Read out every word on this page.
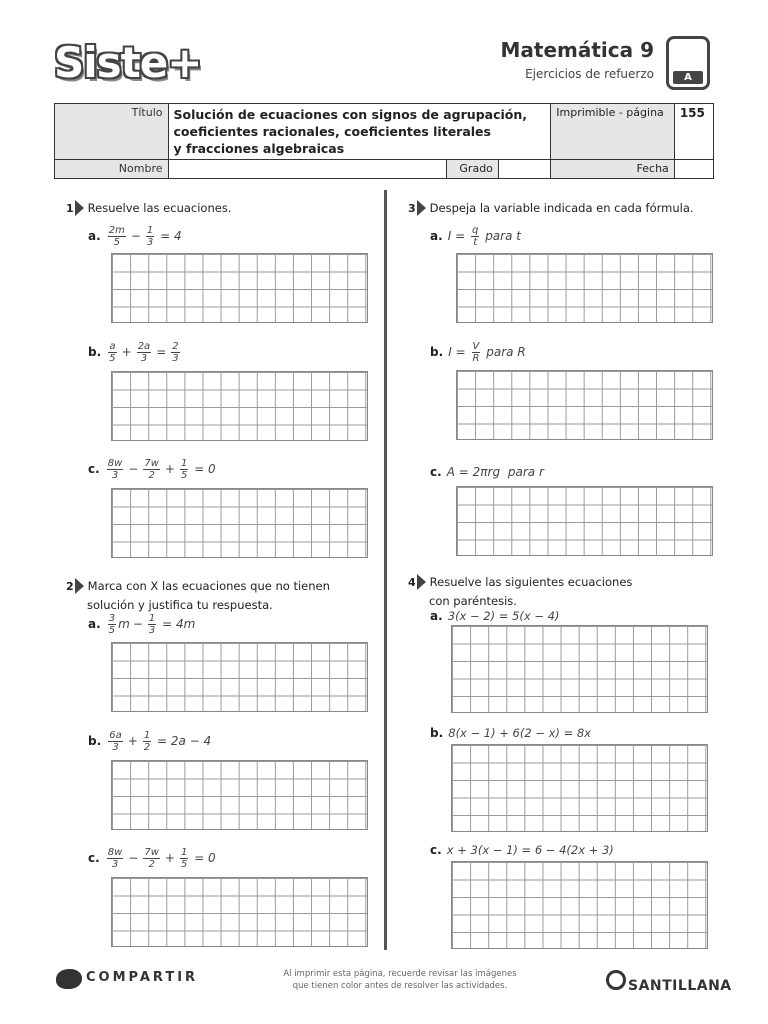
Siste+	Matemática 9
Ejercicios de refuerzo	A
Título	Solución de ecuaciones con signos de agrupación,
coeficientes racionales, coeficientes literales
y fracciones algebraicas			Imprimible - página	155
Nombre		Grado		Fecha	
1 Resuelve las ecuaciones.
a. $\frac{2m}{5} - \frac{1}{3} = 4$
b. $\frac{a}{5} + \frac{2a}{3} = \frac{2}{3}$
c. $\frac{8w}{3} - \frac{7w}{2} + \frac{1}{5} = 0$
2 Marca con X las ecuaciones que no tienen
solución y justifica tu respuesta.
a. $\frac{3}{5}$ $m - \frac{1}{3} = 4m$
b. $\frac{6a}{3} + \frac{1}{2} = 2a - 4$
c. $\frac{8w}{3} - \frac{7w}{2} + \frac{1}{5} = 0$
3 Despeja la variable indicada en cada fórmula.
a. $I = \frac{q}{t}$ para t
b. $I = \frac{V}{R}$ para R
c. A = 2πrg para r
4 Resuelve las siguientes ecuaciones
con paréntesis.
a. 3(x − 2) = 5(x − 4)
b. 8(x − 1) + 6(2 − x) = 8x
c. x + 3(x − 1) = 6 − 4(2x + 3)
COMPARTIR	Al imprimir esta página, recuerde revisar las imágenes
que tienen color antes de resolver las actividades.	SANTILLANA
